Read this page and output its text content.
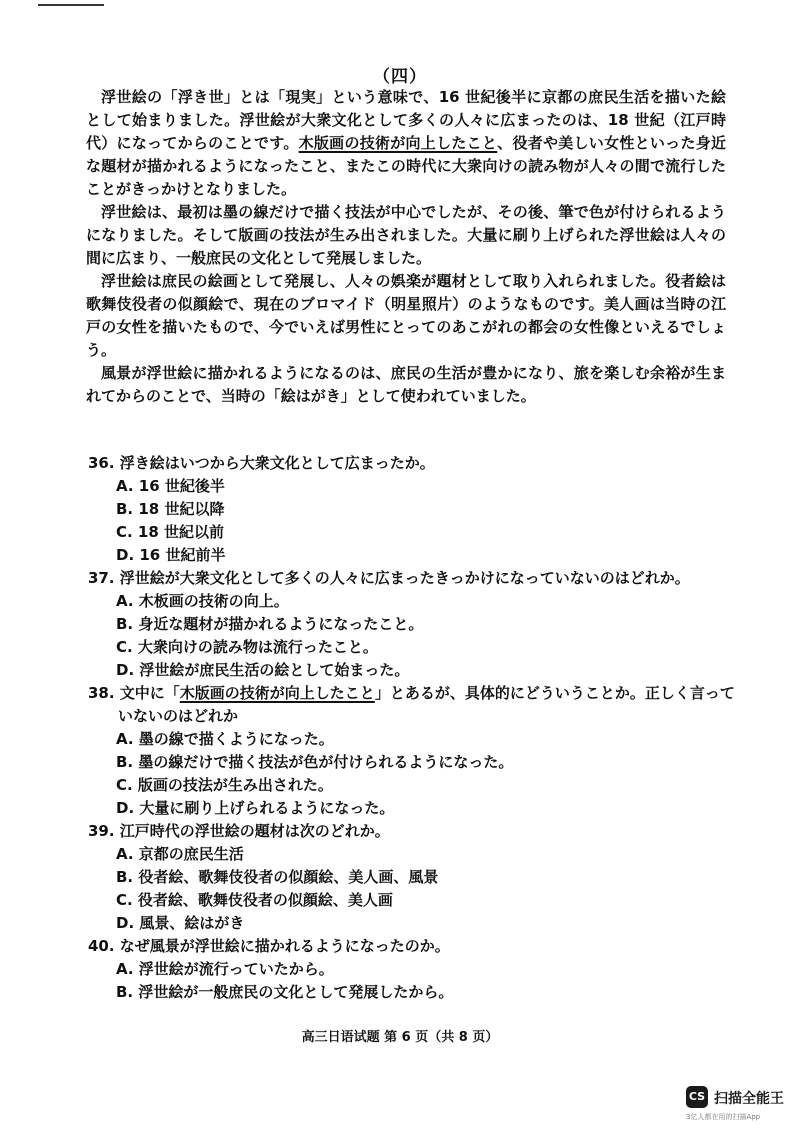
（四）

浮世絵の「浮き世」とは「現実」という意味で、16 世紀後半に京都の庶民生活を描いた絵として始まりました。浮世絵が大衆文化として多くの人々に広まったのは、18 世紀（江戸時代）になってからのことです。木版画の技術が向上したこと、役者や美しい女性といった身近な題材が描かれるようになったこと、またこの時代に大衆向けの読み物が人々の間で流行したことがきっかけとなりました。

浮世絵は、最初は墨の線だけで描く技法が中心でしたが、その後、筆で色が付けられるようになりました。そして版画の技法が生み出されました。大量に刷り上げられた浮世絵は人々の間に広まり、一般庶民の文化として発展しました。

浮世絵は庶民の絵画として発展し、人々の娯楽が題材として取り入れられました。役者絵は歌舞伎役者の似顔絵で、現在のブロマイド（明星照片）のようなものです。美人画は当時の江戸の女性を描いたもので、今でいえば男性にとってのあこがれの都会の女性像といえるでしょう。

風景が浮世絵に描かれるようになるのは、庶民の生活が豊かになり、旅を楽しむ余裕が生まれてからのことで、当時の「絵はがき」として使われていました。

36. 浮き絵はいつから大衆文化として広まったか。
A. 16 世紀後半
B. 18 世紀以降
C. 18 世紀以前
D. 16 世紀前半
37. 浮世絵が大衆文化として多くの人々に広まったきっかけになっていないのはどれか。
A. 木板画の技術の向上。
B. 身近な題材が描かれるようになったこと。
C. 大衆向けの読み物は流行ったこと。
D. 浮世絵が庶民生活の絵として始まった。
38. 文中に「木版画の技術が向上したこと」とあるが、具体的にどういうことか。正しく言っていないのはどれか
A. 墨の線で描くようになった。
B. 墨の線だけで描く技法が色が付けられるようになった。
C. 版画の技法が生み出された。
D. 大量に刷り上げられるようになった。
39. 江戸時代の浮世絵の題材は次のどれか。
A. 京都の庶民生活
B. 役者絵、歌舞伎役者の似顔絵、美人画、風景
C. 役者絵、歌舞伎役者の似顔絵、美人画
D. 風景、絵はがき
40. なぜ風景が浮世絵に描かれるようになったのか。
A. 浮世絵が流行っていたから。
B. 浮世絵が一般庶民の文化として発展したから。
高三日语试题 第 6 页（共 8 页）
CS 扫描全能王
3亿人都在用的扫描App
